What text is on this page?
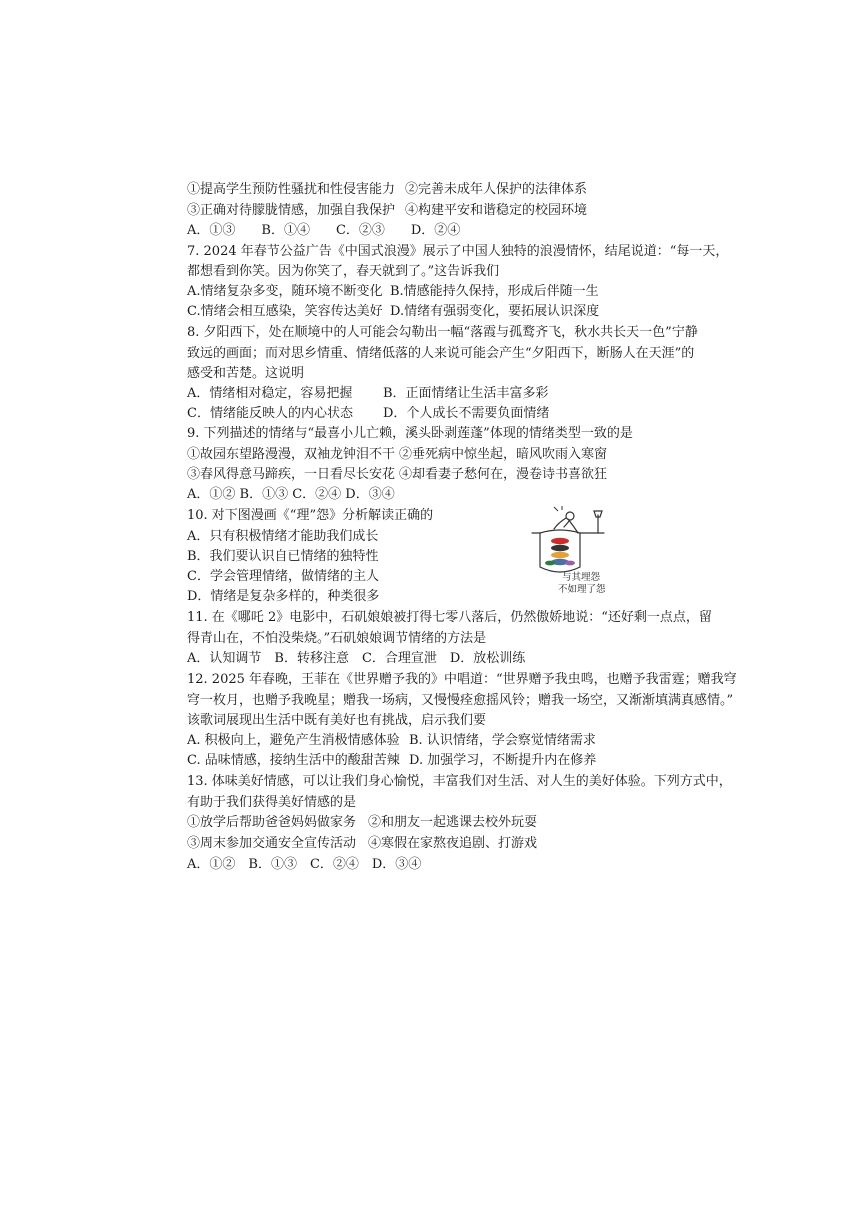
①提高学生预防性骚扰和性侵害能力 ②完善未成年人保护的法律体系
③正确对待朦胧情感，加强自我保护 ④构建平安和谐稳定的校园环境
A．①③　　B．①④　　C．②③　　D．②④
7. 2024 年春节公益广告《中国式浪漫》展示了中国人独特的浪漫情怀，结尾说道：“每一天，
都想看到你笑。因为你笑了，春天就到了。”这告诉我们
A.情绪复杂多变，随环境不断变化 B.情感能持久保持，形成后伴随一生
C.情绪会相互感染，笑容传达美好 D.情绪有强弱变化，要拓展认识深度
8. 夕阳西下，处在顺境中的人可能会勾勒出一幅“落霞与孤鹜齐飞，秋水共长天一色”宁静
致远的画面；而对思乡情重、情绪低落的人来说可能会产生“夕阳西下，断肠人在天涯”的
感受和苦楚。这说明
A．情绪相对稳定，容易把握 B．正面情绪让生活丰富多彩
C．情绪能反映人的内心状态 D．个人成长不需要负面情绪
9. 下列描述的情绪与“最喜小儿亡赖，溪头卧剥莲蓬”体现的情绪类型一致的是
①故园东望路漫漫，双袖龙钟泪不干 ②垂死病中惊坐起，暗风吹雨入寒窗
③春风得意马蹄疾，一日看尽长安花 ④却看妻子愁何在，漫卷诗书喜欲狂
A．①② B．①③ C．②④ D．③④
10. 对下图漫画《“理”怨》分析解读正确的
A．只有积极情绪才能助我们成长
B．我们要认识自已情绪的独特性
C．学会管理情绪，做情绪的主人
D．情绪是复杂多样的，种类很多
与其埋怨
不如理了怨
11. 在《哪吒 2》电影中，石矶娘娘被打得七零八落后，仍然傲娇地说：“还好剩一点点，留
得青山在，不怕没柴烧。”石矶娘娘调节情绪的方法是
A．认知调节　B．转移注意　C．合理宣泄　D．放松训练
12. 2025 年春晚，王菲在《世界赠予我的》中唱道：“世界赠予我虫鸣，也赠予我雷霆；赠我穹
穹一枚月，也赠予我晚星；赠我一场病，又慢慢痊愈摇风铃；赠我一场空，又渐渐填满真感情。”
该歌词展现出生活中既有美好也有挑战，启示我们要
A. 积极向上，避免产生消极情感体验 B. 认识情绪，学会察觉情绪需求
C. 品味情感，接纳生活中的酸甜苦辣 D. 加强学习，不断提升内在修养
13. 体味美好情感，可以让我们身心愉悦，丰富我们对生活、对人生的美好体验。下列方式中，
有助于我们获得美好情感的是
①放学后帮助爸爸妈妈做家务 ②和朋友一起逃课去校外玩耍
③周末参加交通安全宣传活动 ④寒假在家熬夜追剧、打游戏
A．①②　B．①③　C．②④　D．③④
